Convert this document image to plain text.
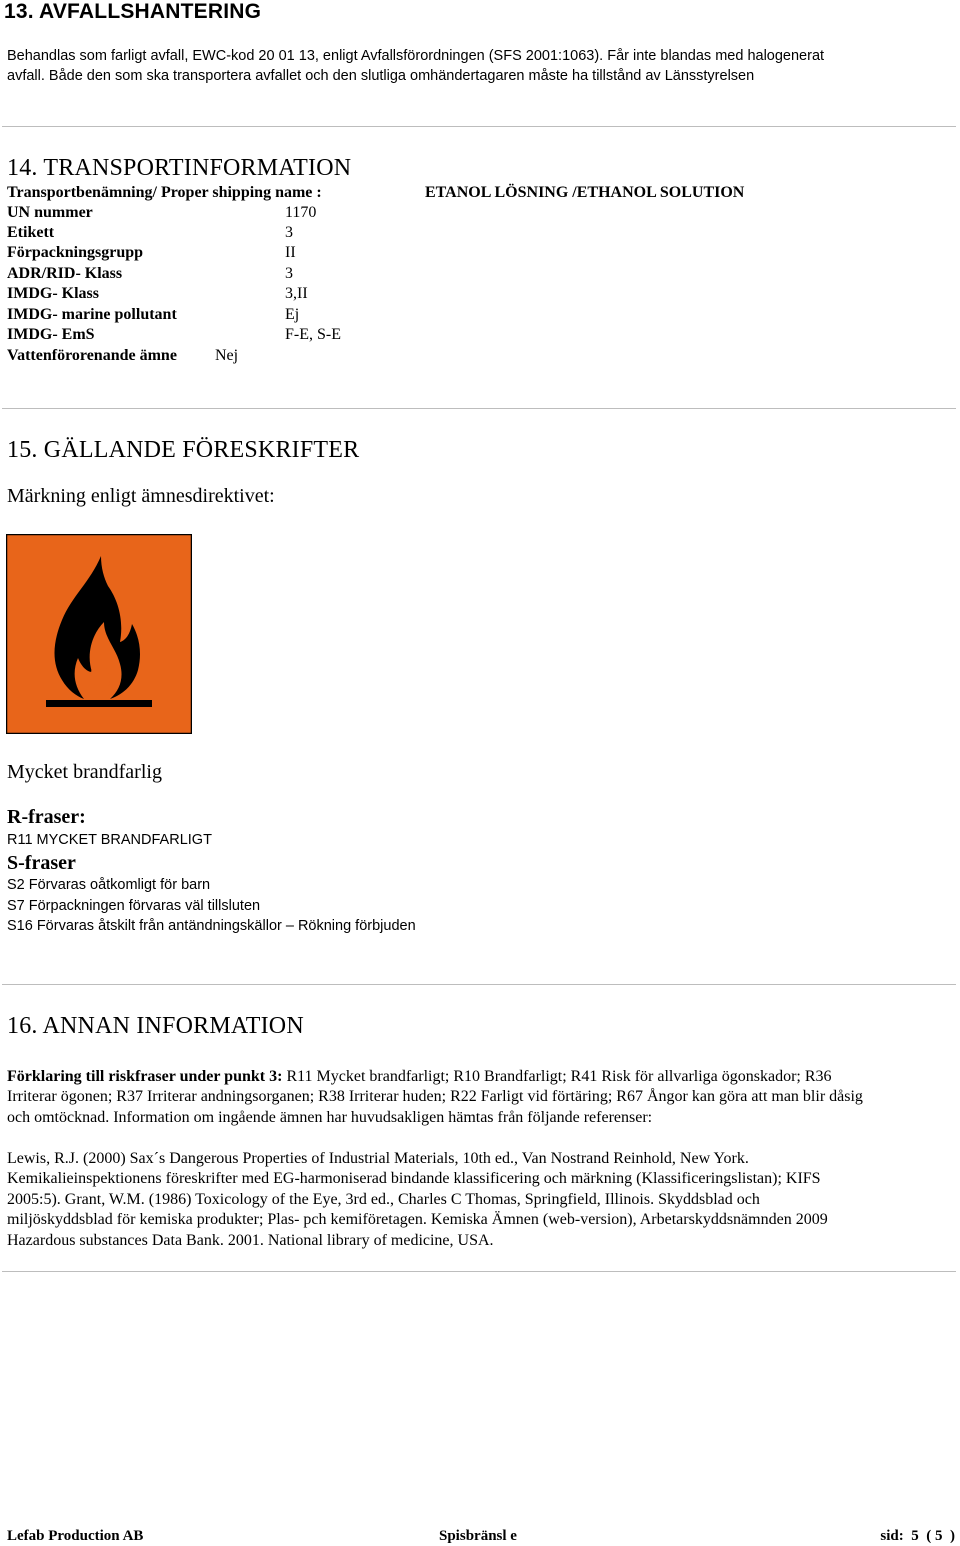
13. AVFALLSHANTERING
Behandlas som farligt avfall, EWC-kod 20 01 13, enligt Avfallsförordningen (SFS 2001:1063). Får inte blandas med halogenerat
avfall. Både den som ska transportera avfallet och den slutliga omhändertagaren måste ha tillstånd av Länsstyrelsen
14. TRANSPORTINFORMATION
Transportbenämning/ Proper shipping name :	ETANOL LÖSNING /ETHANOL SOLUTION
UN nummer	1170
Etikett	3
Förpackningsgrupp	II
ADR/RID- Klass	3
IMDG- Klass	3,II
IMDG- marine pollutant	Ej
IMDG- EmS	F-E, S-E
Vattenförorenande ämne Nej
15. GÄLLANDE FÖRESKRIFTER
Märkning enligt ämnesdirektivet:
Mycket brandfarlig
R-fraser:
R11 MYCKET BRANDFARLIGT
S-fraser
S2 Förvaras oåtkomligt för barn
S7 Förpackningen förvaras väl tillsluten
S16 Förvaras åtskilt från antändningskällor – Rökning förbjuden
16. ANNAN INFORMATION
Förklaring till riskfraser under punkt 3: R11 Mycket brandfarligt; R10 Brandfarligt; R41 Risk för allvarliga ögonskador; R36
Irriterar ögonen; R37 Irriterar andningsorganen; R38 Irriterar huden; R22 Farligt vid förtäring; R67 Ångor kan göra att man blir dåsig
och omtöcknad. Information om ingående ämnen har huvudsakligen hämtas från följande referenser:
Lewis, R.J. (2000) Sax´s Dangerous Properties of Industrial Materials, 10th ed., Van Nostrand Reinhold, New York.
Kemikalieinspektionens föreskrifter med EG-harmoniserad bindande klassificering och märkning (Klassificeringslistan); KIFS
2005:5). Grant, W.M. (1986) Toxicology of the Eye, 3rd ed., Charles C Thomas, Springfield, Illinois. Skyddsblad och
miljöskyddsblad för kemiska produkter; Plas- pch kemiföretagen. Kemiska Ämnen (web-version), Arbetarskyddsnämnden 2009
Hazardous substances Data Bank. 2001. National library of medicine, USA.
Lefab Production AB	Spisbränsl e	sid:  5  ( 5  )
